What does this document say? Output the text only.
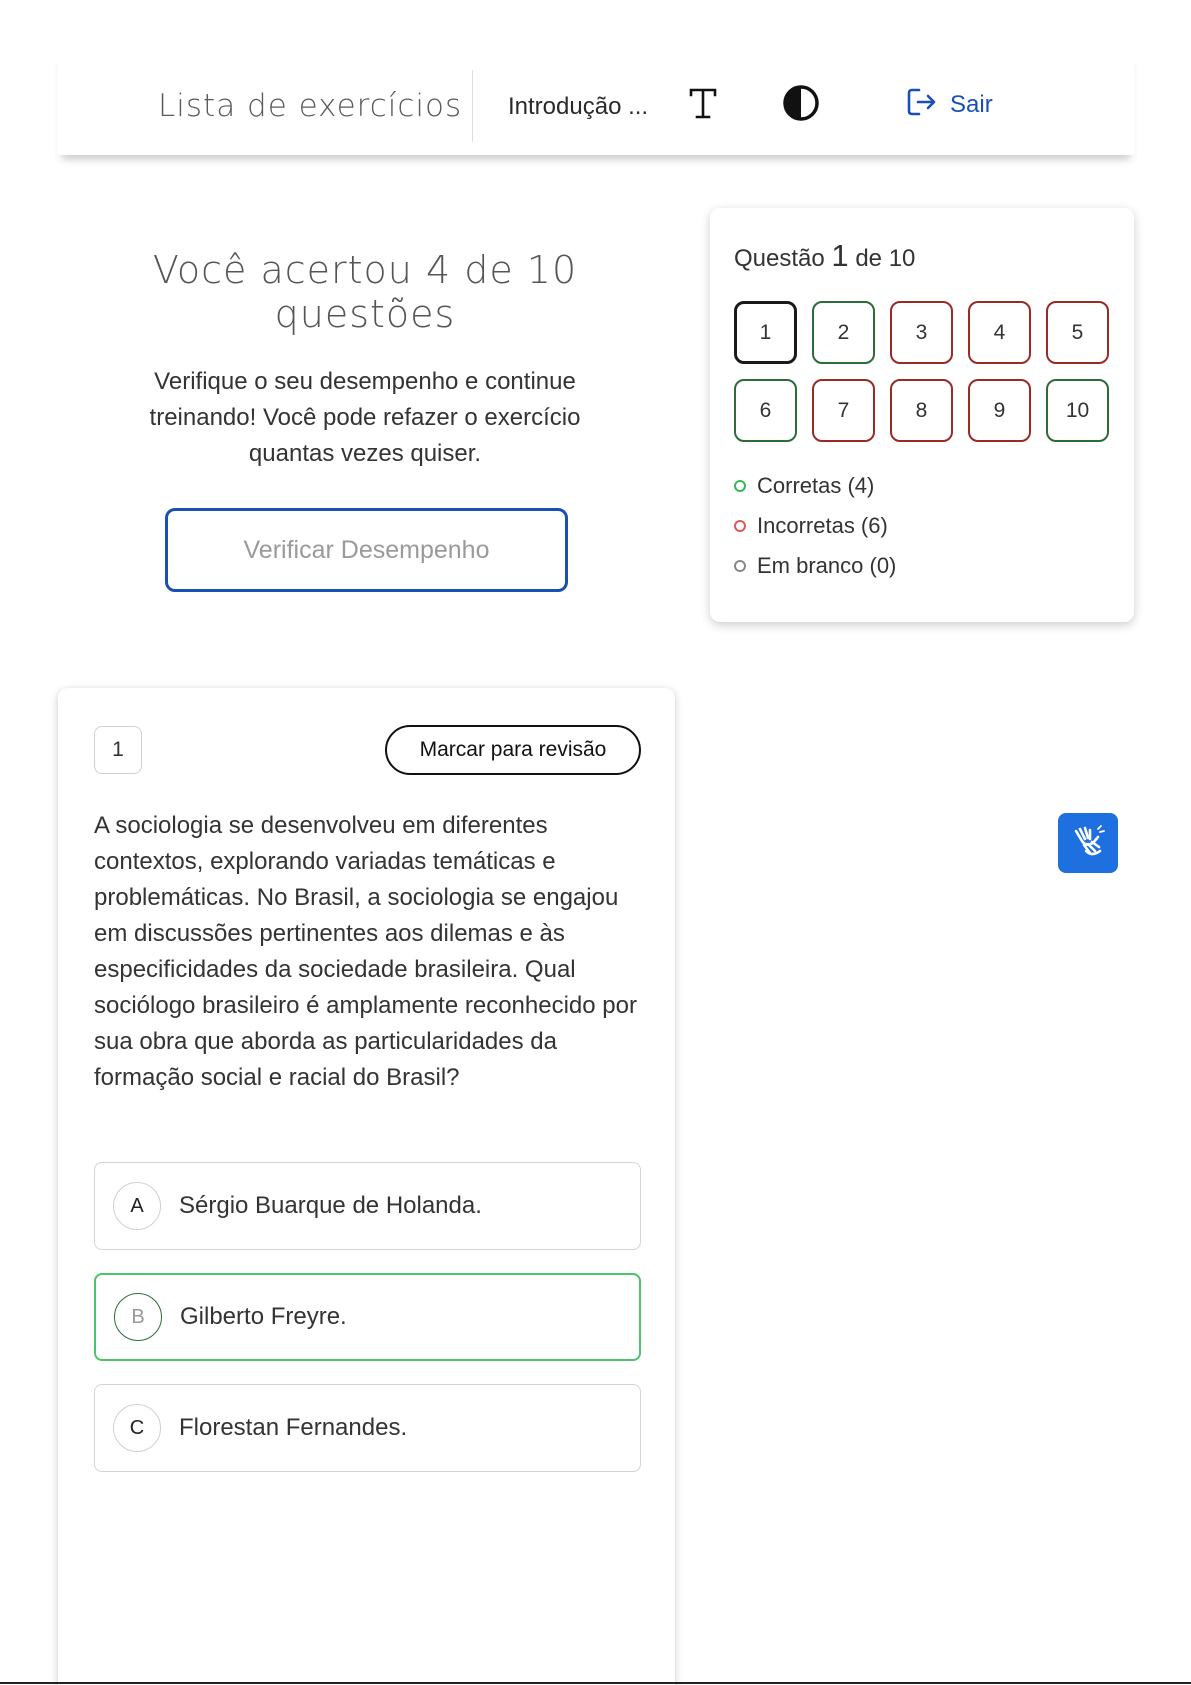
Lista de exercícios Introdução ...	Sair
Você acertou 4 de 10 questões
Verifique o seu desempenho e continue treinando! Você pode refazer o exercício quantas vezes quiser.
Verificar Desempenho
Questão 1 de 10
1	2	3	4	5
6	7	8	9	10
Corretas (4)
Incorretas (6)
Em branco (0)
1	Marcar para revisão
A sociologia se desenvolveu em diferentes contextos, explorando variadas temáticas e problemáticas. No Brasil, a sociologia se engajou em discussões pertinentes aos dilemas e às especificidades da sociedade brasileira. Qual sociólogo brasileiro é amplamente reconhecido por sua obra que aborda as particularidades da formação social e racial do Brasil?
A	Sérgio Buarque de Holanda.
B	Gilberto Freyre.
C	Florestan Fernandes.
